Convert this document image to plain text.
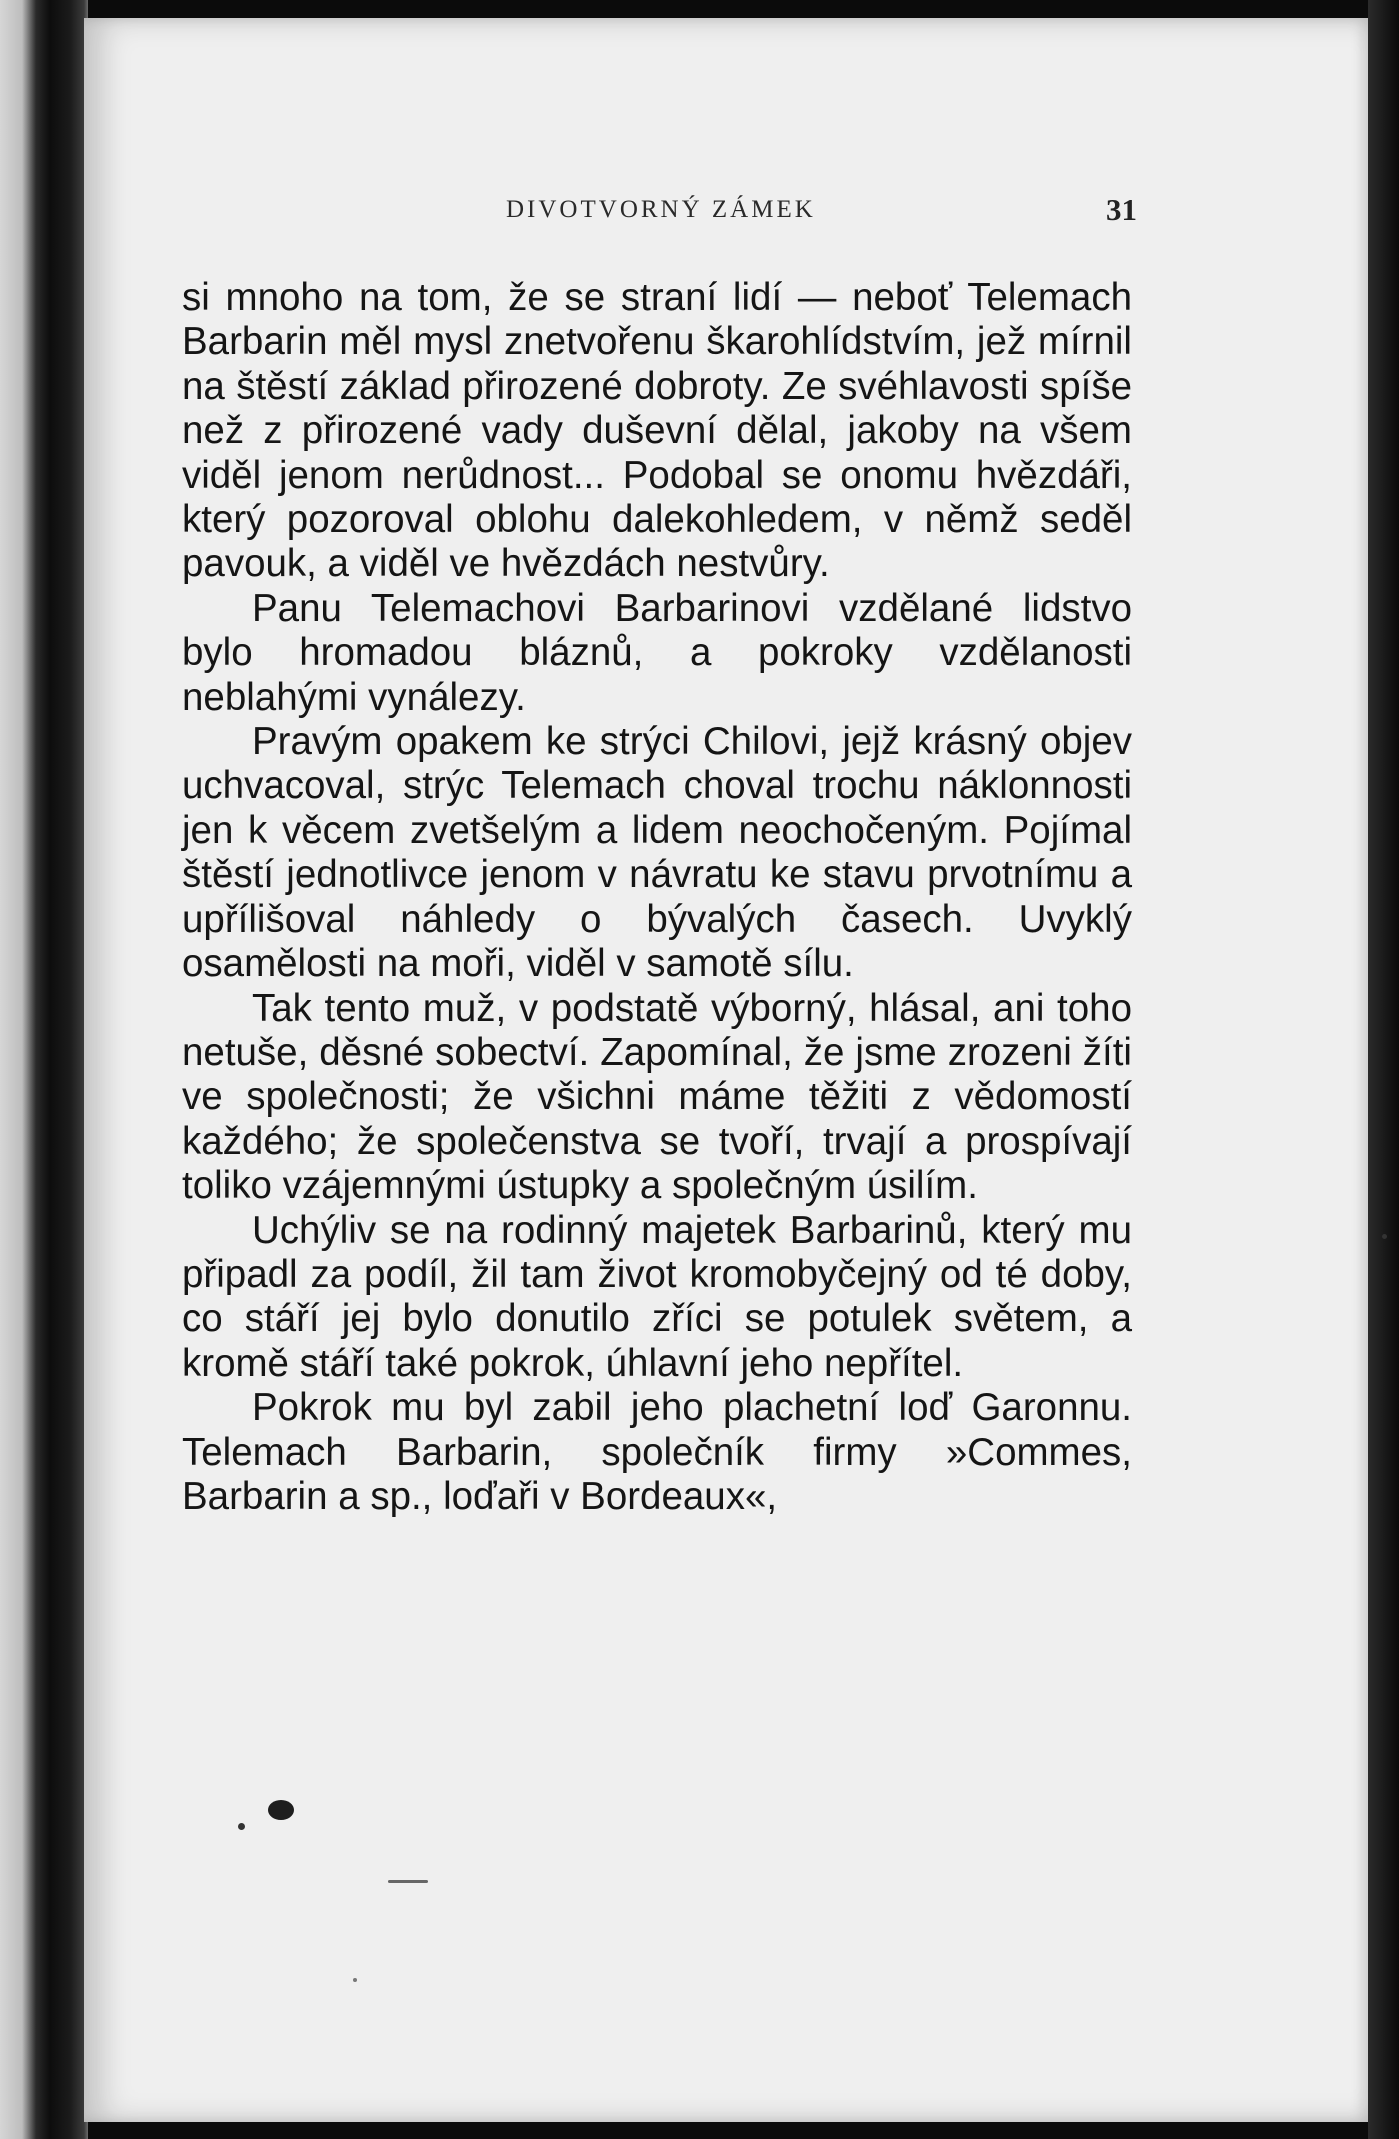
DIVOTVORNÝ ZÁMEK	31

si mnoho na tom, že se straní lidí — neboť Telemach Barbarin měl mysl znetvořenu škarohlídstvím, jež mírnil na štěstí základ přirozené dobroty. Ze svéhlavosti spíše než z přirozené vady duševní dělal, jakoby na všem viděl jenom nerůdnost... Podobal se onomu hvězdáři, který pozoroval oblohu dalekohledem, v němž seděl pavouk, a viděl ve hvězdách nestvůry.

Panu Telemachovi Barbarinovi vzdělané lidstvo bylo hromadou bláznů, a pokroky vzdělanosti neblahými vynálezy.

Pravým opakem ke strýci Chilovi, jejž krásný objev uchvacoval, strýc Telemach choval trochu náklonnosti jen k věcem zvetšelým a lidem neochočeným. Pojímal štěstí jednotlivce jenom v návratu ke stavu prvotnímu a upřílišoval náhledy o bývalých časech. Uvyklý osamělosti na moři, viděl v samotě sílu.

Tak tento muž, v podstatě výborný, hlásal, ani toho netuše, děsné sobectví. Zapomínal, že jsme zrozeni žíti ve společnosti; že všichni máme těžiti z vědomostí každého; že společenstva se tvoří, trvají a prospívají toliko vzájemnými ústupky a společným úsilím.

Uchýliv se na rodinný majetek Barbarinů, který mu připadl za podíl, žil tam život kromobyčejný od té doby, co stáří jej bylo donutilo zříci se potulek světem, a kromě stáří také pokrok, úhlavní jeho nepřítel.

Pokrok mu byl zabil jeho plachetní loď Garonnu. Telemach Barbarin, společník firmy »Commes, Barbarin a sp., loďaři v Bordeaux«,
